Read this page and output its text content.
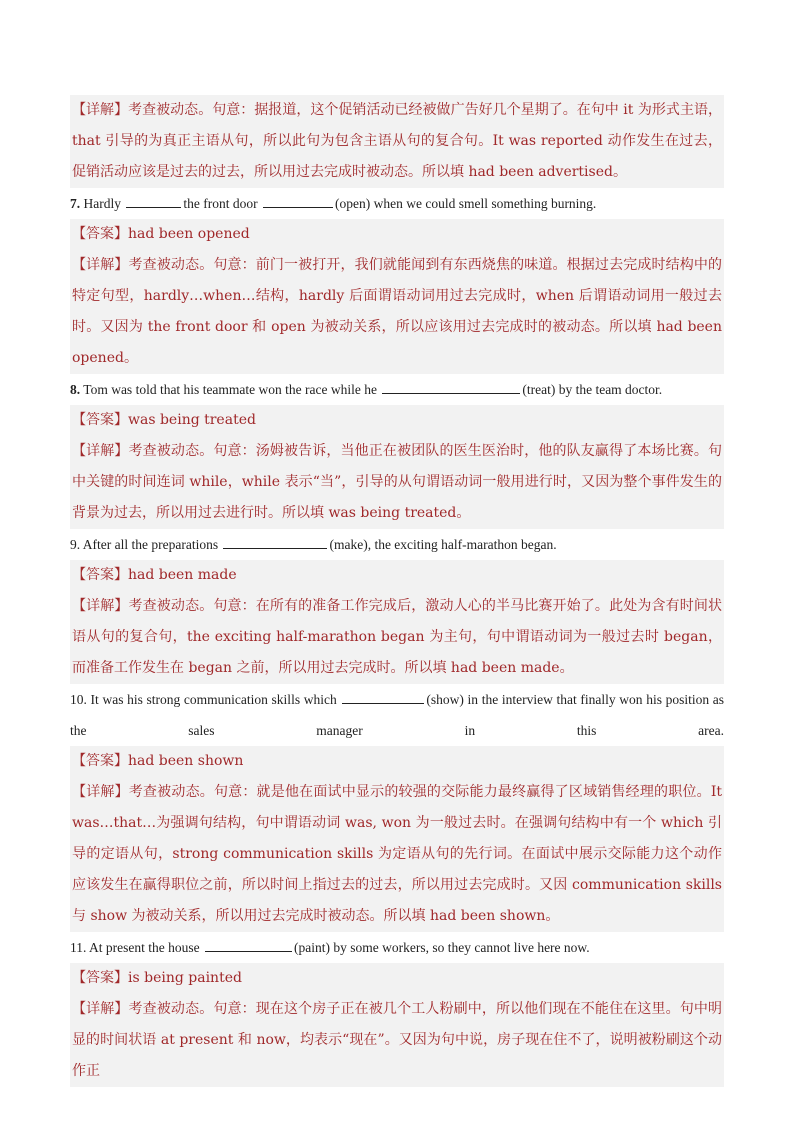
【详解】考查被动态。句意：据报道，这个促销活动已经被做广告好几个星期了。在句中 it 为形式主语，that 引导的为真正主语从句，所以此句为包含主语从句的复合句。It was reported 动作发生在过去，促销活动应该是过去的过去，所以用过去完成时被动态。所以填 had been advertised。
7. Hardly	the front door	(open) when we could smell something burning.
【答案】had been opened
【详解】考查被动态。句意：前门一被打开，我们就能闻到有东西烧焦的味道。根据过去完成时结构中的特定句型，hardly…when…结构，hardly 后面谓语动词用过去完成时，when 后谓语动词用一般过去时。又因为 the front door 和 open 为被动关系，所以应该用过去完成时的被动态。所以填 had been opened。
8. Tom was told that his teammate won the race while he	(treat) by the team doctor.
【答案】was being treated
【详解】考查被动态。句意：汤姆被告诉，当他正在被团队的医生医治时，他的队友赢得了本场比赛。句中关键的时间连词 while，while 表示“当”，引导的从句谓语动词一般用进行时，又因为整个事件发生的背景为过去，所以用过去进行时。所以填 was being treated。
9. After all the preparations	(make), the exciting half-marathon began.
【答案】had been made
【详解】考查被动态。句意：在所有的准备工作完成后，激动人心的半马比赛开始了。此处为含有时间状语从句的复合句，the exciting half-marathon began 为主句，句中谓语动词为一般过去时 began，而准备工作发生在 began 之前，所以用过去完成时。所以填 had been made。
10. It was his strong communication skills which	(show) in the interview that finally won his position as the sales manager in this area.
【答案】had been shown
【详解】考查被动态。句意：就是他在面试中显示的较强的交际能力最终赢得了区域销售经理的职位。It was…that…为强调句结构，句中谓语动词 was, won 为一般过去时。在强调句结构中有一个 which 引导的定语从句，strong communication skills 为定语从句的先行词。在面试中展示交际能力这个动作应该发生在赢得职位之前，所以时间上指过去的过去，所以用过去完成时。又因 communication skills 与 show 为被动关系，所以用过去完成时被动态。所以填 had been shown。
11. At present the house	(paint) by some workers, so they cannot live here now.
【答案】is being painted
【详解】考查被动态。句意：现在这个房子正在被几个工人粉刷中，所以他们现在不能住在这里。句中明显的时间状语 at present 和 now，均表示“现在”。又因为句中说，房子现在住不了，说明被粉刷这个动作正
